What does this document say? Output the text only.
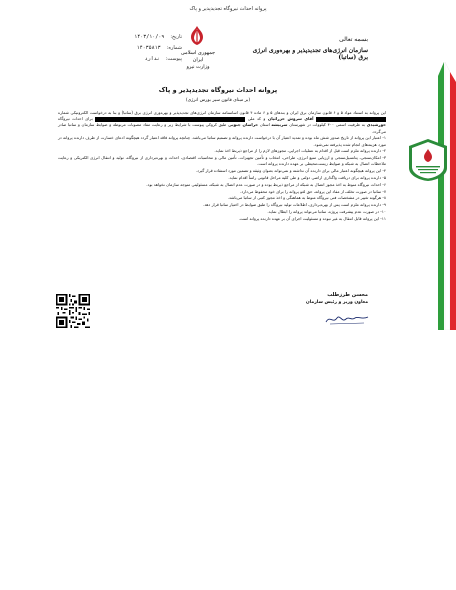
پروانه احداث نیروگاه تجدیدپذیر و پاک
تاریخ:
۱۴۰۳/۱۰/۰۹
شماره:
۱۴۰۳۵۸۱۳
پیوست:
ندارد
جمهوری اسلامی ایران
وزارت نیرو
بسمه تعالی
سازمان انرژی‌های تجدیدپذیر و بهره‌وری انرژی برق (ساتبا)
پروانه احداث نیروگاه تجدیدپذیر و پاک
(بر مبنای قانون سیر بورس انرژی)

این پروانه به استناد مواد ۵ و ۶ قانون سازمان برق ایران و بندهای ۵ و ۶ ماده ۴ قانون اساسنامه سازمان انرژی‌های تجدیدپذیر و بهره‌وری انرژی برق (ساتبا) و بنا به درخواست الکترونیکی شماره  آقای سروش خزرائیان و کد ملی  برای احداث نیروگاه خورشیدی به ظرفیت اسمی ۴۰۰ کیلووات در شهرستان سربیشه استان خراسان جنوبی طبق کروکی پیوست با شرایط زیر و رعایت مفاد مصوبات مربوطه و ضوابط سازمان و ساتبا صادر می‌گردد.

۱- اعتبار این پروانه از تاریخ صدور شش ماه بوده و تمدید اعتبار آن با درخواست دارنده پروانه و تصمیم ساتبا می‌باشد. چنانچه پروانه فاقد اعتبار گردد هیچگونه ادعای خسارت از طرف دارنده پروانه در مورد هزینه‌های انجام شده پذیرفته نمی‌شود.

۲- دارنده پروانه ملزم است قبل از اقدام به عملیات اجرایی، مجوزهای لازم را از مراجع ذیربط اخذ نماید.

۳- امکان‌سنجی، پتانسیل‌سنجی و ارزیابی منبع انرژی، طراحی، انتخاب و تأمین تجهیزات، تأمین مالی و محاسبات اقتصادی، احداث و بهره‌برداری از نیروگاه، تولید و انتقال انرژی الکتریکی و رعایت ملاحظات اتصال به شبکه و ضوابط زیست‌محیطی بر عهده دارنده پروانه است.

۴- این پروانه هیچگونه اعتبار مالی برای دارنده آن نداشته و نمی‌تواند بعنوان وثیقه و تضمین مورد استفاده قرار گیرد.

۵- دارنده پروانه برای دریافت واگذاری اراضی دولتی و طی کلیه مراحل قانونی راساً اقدام نماید.

۶- احداث نیروگاه منوط به اخذ مجوز اتصال به شبکه از مراجع ذیربط بوده و در صورت عدم اتصال به شبکه، مسئولیتی متوجه سازمان نخواهد بود.

۷- ساتبا در صورت تخلف از مفاد این پروانه، حق لغو پروانه را برای خود محفوظ می‌دارد.

۸- هرگونه تغییر در مشخصات فنی نیروگاه منوط به هماهنگی و اخذ مجوز کتبی از ساتبا می‌باشد.

۹- دارنده پروانه ملزم است پس از بهره‌برداری، اطلاعات تولید نیروگاه را طبق ضوابط در اختیار ساتبا قرار دهد.

۱۰- در صورت عدم پیشرفت پروژه، ساتبا می‌تواند پروانه را ابطال نماید.

۱۱- این پروانه قابل انتقال به غیر نبوده و مسئولیت اجرای آن بر عهده دارنده پروانه است.

محسن طرزطلب
معاون وزیر و رئیس سازمان
